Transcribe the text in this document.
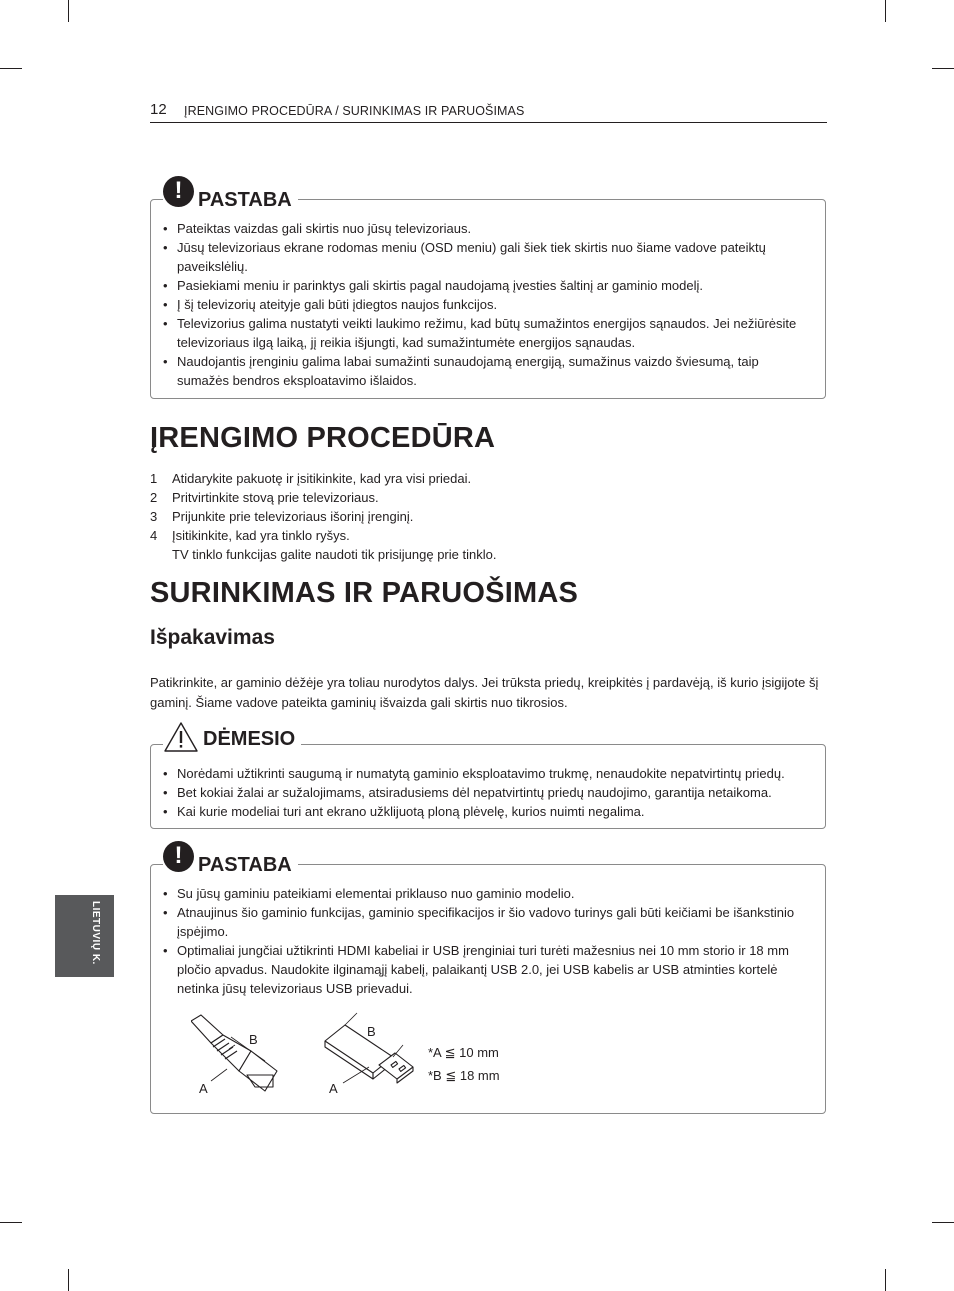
12 ĮRENGIMO PROCEDŪRA / SURINKIMAS IR PARUOŠIMAS
! PASTABA
• Pateiktas vaizdas gali skirtis nuo jūsų televizoriaus.
• Jūsų televizoriaus ekrane rodomas meniu (OSD meniu) gali šiek tiek skirtis nuo šiame vadove pateiktų paveikslėlių.
• Pasiekiami meniu ir parinktys gali skirtis pagal naudojamą įvesties šaltinį ar gaminio modelį.
• Į šį televizorių ateityje gali būti įdiegtos naujos funkcijos.
• Televizorius galima nustatyti veikti laukimo režimu, kad būtų sumažintos energijos sąnaudos. Jei nežiūrėsite televizoriaus ilgą laiką, jį reikia išjungti, kad sumažintumėte energijos sąnaudas.
• Naudojantis įrenginiu galima labai sumažinti sunaudojamą energiją, sumažinus vaizdo šviesumą, taip sumažės bendros eksploatavimo išlaidos.
ĮRENGIMO PROCEDŪRA
1 Atidarykite pakuotę ir įsitikinkite, kad yra visi priedai.
2 Pritvirtinkite stovą prie televizoriaus.
3 Prijunkite prie televizoriaus išorinį įrenginį.
4 Įsitikinkite, kad yra tinklo ryšys.
TV tinklo funkcijas galite naudoti tik prisijungę prie tinklo.
SURINKIMAS IR PARUOŠIMAS
Išpakavimas

Patikrinkite, ar gaminio dėžėje yra toliau nurodytos dalys. Jei trūksta priedų, kreipkitės į pardavėją, iš kurio įsigijote šį gaminį. Šiame vadove pateikta gaminių išvaizda gali skirtis nuo tikrosios.

DĖMESIO
• Norėdami užtikrinti saugumą ir numatytą gaminio eksploatavimo trukmę, nenaudokite nepatvirtintų priedų.
• Bet kokiai žalai ar sužalojimams, atsiradusiems dėl nepatvirtintų priedų naudojimo, garantija netaikoma.
• Kai kurie modeliai turi ant ekrano užklijuotą ploną plėvelę, kurios nuimti negalima.
! PASTABA
• Su jūsų gaminiu pateikiami elementai priklauso nuo gaminio modelio.
• Atnaujinus šio gaminio funkcijas, gaminio specifikacijos ir šio vadovo turinys gali būti keičiami be išankstinio įspėjimo.
• Optimaliai jungčiai užtikrinti HDMI kabeliai ir USB įrenginiai turi turėti mažesnius nei 10 mm storio ir 18 mm pločio apvadus. Naudokite ilginamąjį kabelį, palaikantį USB 2.0, jei USB kabelis ar USB atminties kortelė netinka jūsų televizoriaus USB prievadui.
B
A
B
A
*A ≦ 10 mm
*B ≦ 18 mm
LIETUVIŲ K.
